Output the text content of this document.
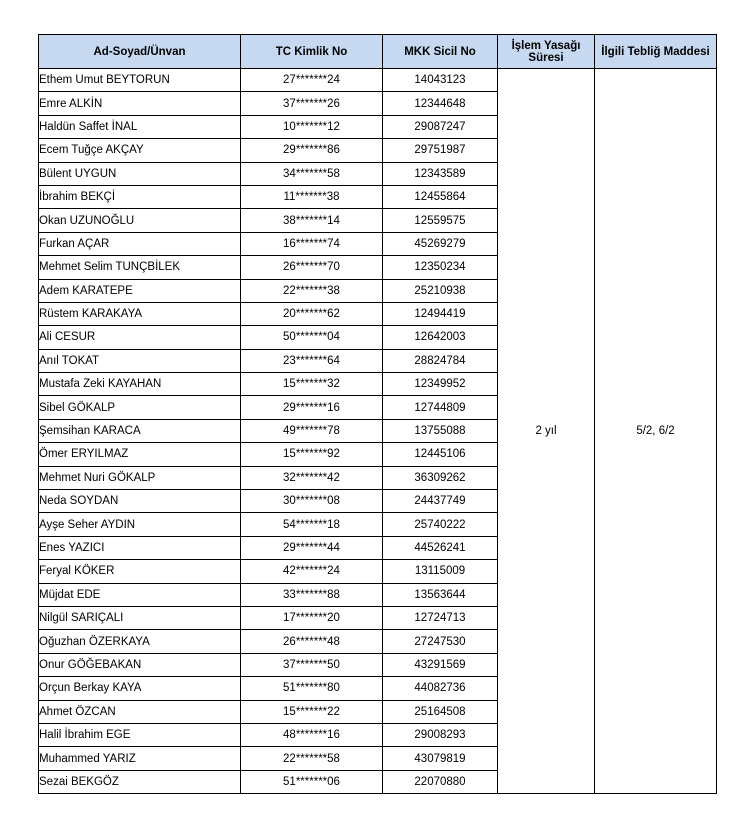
Ad-Soyad/Ünvan	TC Kimlik No	MKK Sicil No	İşlem Yasağı Süresi	İlgili Tebliğ Maddesi
Ethem Umut BEYTORUN	27*******24	14043123	2 yıl	5/2, 6/2
Emre ALKİN	37*******26	12344648		
Haldün Saffet İNAL	10*******12	29087247		
Ecem Tuğçe AKÇAY	29*******86	29751987		
Bülent UYGUN	34*******58	12343589		
İbrahim BEKÇİ	11*******38	12455864		
Okan UZUNOĞLU	38*******14	12559575		
Furkan AÇAR	16*******74	45269279		
Mehmet Selim TUNÇBİLEK	26*******70	12350234		
Adem KARATEPE	22*******38	25210938		
Rüstem KARAKAYA	20*******62	12494419		
Ali CESUR	50*******04	12642003		
Anıl TOKAT	23*******64	28824784		
Mustafa Zeki KAYAHAN	15*******32	12349952		
Sibel GÖKALP	29*******16	12744809		
Şemsihan KARACA	49*******78	13755088		
Ömer ERYILMAZ	15*******92	12445106		
Mehmet Nuri GÖKALP	32*******42	36309262		
Neda SOYDAN	30*******08	24437749		
Ayşe Seher AYDIN	54*******18	25740222		
Enes YAZICI	29*******44	44526241		
Feryal KÖKER	42*******24	13115009		
Müjdat EDE	33*******88	13563644		
Nilgül SARIÇALI	17*******20	12724713		
Oğuzhan ÖZERKAYA	26*******48	27247530		
Onur GÖĞEBAKAN	37*******50	43291569		
Orçun Berkay KAYA	51*******80	44082736		
Ahmet ÖZCAN	15*******22	25164508		
Halil İbrahim EGE	48*******16	29008293		
Muhammed YARIZ	22*******58	43079819		
Sezai BEKGÖZ	51*******06	22070880		
